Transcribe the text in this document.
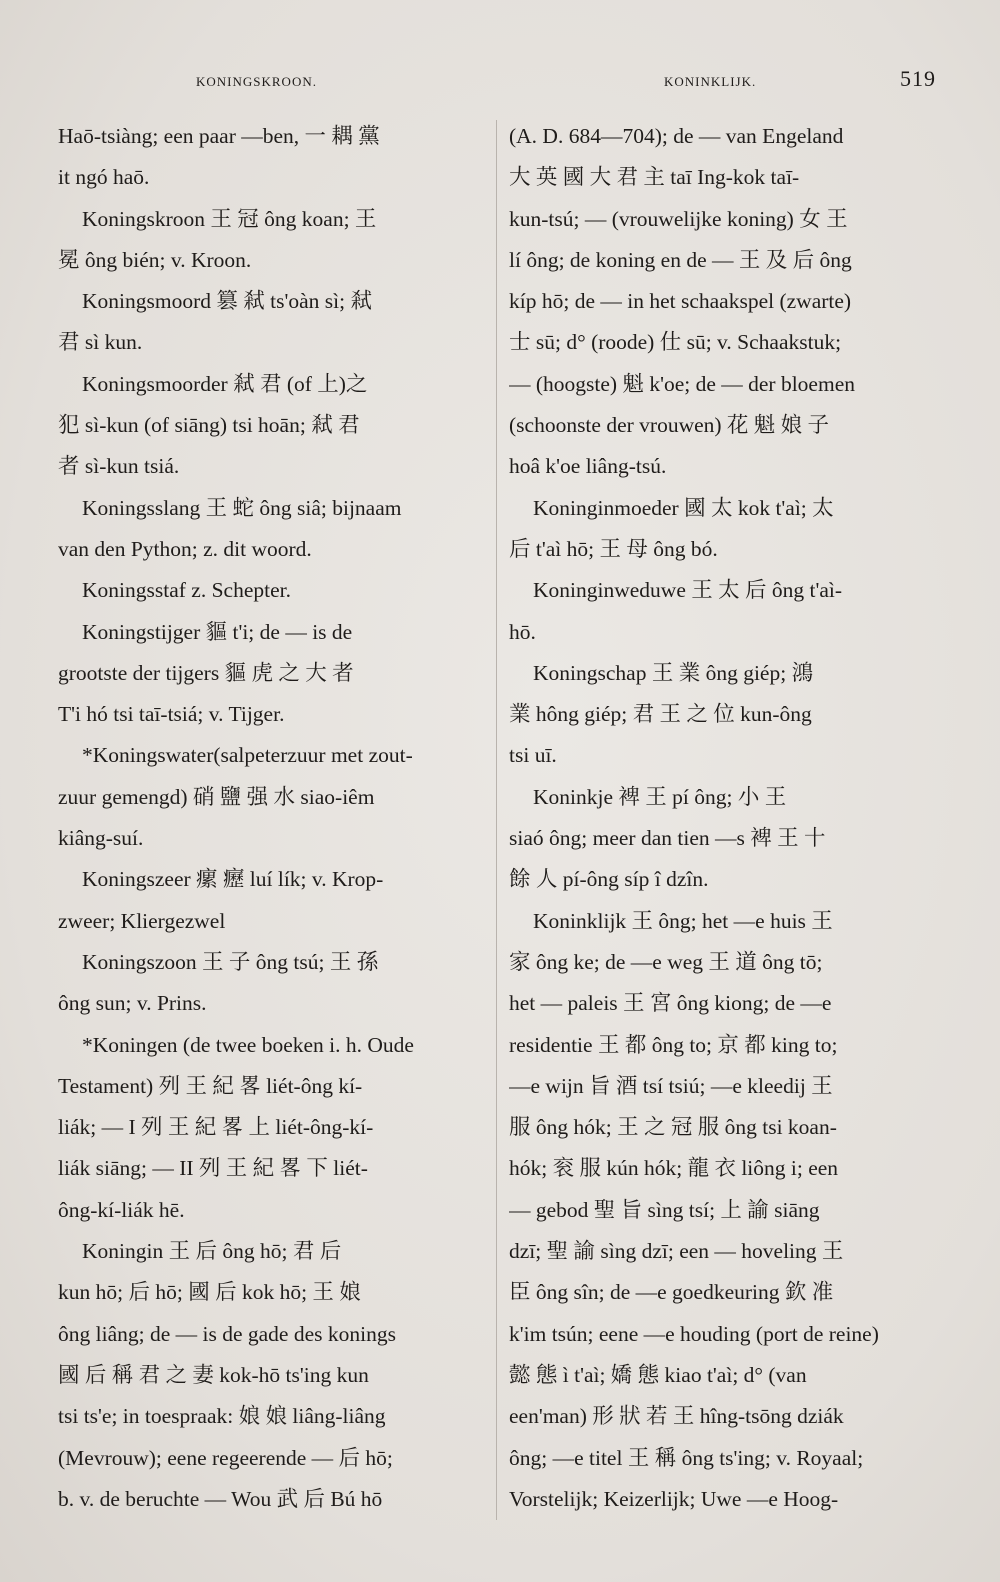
KONINGSKROON.	KONINKLIJK.	519
Haō-tsiàng; een paar —ben, 一 耦 黨
it ngó haō.
Koningskroon 王 冠 ông koan; 王
冕 ông bién; v. Kroon.
Koningsmoord 篡 弒 ts'oàn sì; 弒
君 sì kun.
Koningsmoorder 弒 君 (of 上)之
犯 sì-kun (of siāng) tsi hoān; 弒 君
者 sì-kun tsiá.
Koningsslang 王 蛇 ông siâ; bijnaam
van den Python; z. dit woord.
Koningsstaf z. Schepter.
Koningstijger 貙 t'i; de — is de
grootste der tijgers 貙 虎 之 大 者
T'i hó tsi taī-tsiá; v. Tijger.
*Koningswater(salpeterzuur met zout-
zuur gemengd) 硝 鹽 强 水 siao-iêm
kiâng-suí.
Koningszeer 瘰 癧 luí lík; v. Krop-
zweer; Kliergezwel
Koningszoon 王 子 ông tsú; 王 孫
ông sun; v. Prins.
*Koningen (de twee boeken i. h. Oude
Testament) 列 王 紀 畧 liét-ông kí-
liák; — I 列 王 紀 畧 上 liét-ông-kí-
liák siāng; — II 列 王 紀 畧 下 liét-
ông-kí-liák hē.
Koningin 王 后 ông hō; 君 后
kun hō; 后 hō; 國 后 kok hō; 王 娘
ông liâng; de — is de gade des konings
國 后 稱 君 之 妻 kok-hō ts'ing kun
tsi ts'e; in toespraak: 娘 娘 liâng-liâng
(Mevrouw); eene regeerende — 后 hō;
b. v. de beruchte — Wou 武 后 Bú hō
(A. D. 684—704); de — van Engeland
大 英 國 大 君 主 taī Ing-kok taī-
kun-tsú; — (vrouwelijke koning) 女 王
lí ông; de koning en de — 王 及 后 ông
kíp hō; de — in het schaakspel (zwarte)
士 sū; d° (roode) 仕 sū; v. Schaakstuk;
— (hoogste) 魁 k'oe; de — der bloemen
(schoonste der vrouwen) 花 魁 娘 子
hoâ k'oe liâng-tsú.
Koninginmoeder 國 太 kok t'aì; 太
后 t'aì hō; 王 母 ông bó.
Koninginweduwe 王 太 后 ông t'aì-
hō.
Koningschap 王 業 ông giép; 鴻
業 hông giép; 君 王 之 位 kun-ông
tsi uī.
Koninkje 裨 王 pí ông; 小 王
siaó ông; meer dan tien —s 裨 王 十
餘 人 pí-ông síp î dzîn.
Koninklijk 王 ông; het —e huis 王
家 ông ke; de —e weg 王 道 ông tō;
het — paleis 王 宮 ông kiong; de —e
residentie 王 都 ông to; 京 都 king to;
—e wijn 旨 酒 tsí tsiú; —e kleedij 王
服 ông hók; 王 之 冠 服 ông tsi koan-
hók; 衮 服 kún hók; 龍 衣 liông i; een
— gebod 聖 旨 sìng tsí; 上 諭 siāng
dzī; 聖 諭 sìng dzī; een — hoveling 王
臣 ông sîn; de —e goedkeuring 欽 准
k'im tsún; eene —e houding (port de reine)
懿 態 ì t'aì; 嬌 態 kiao t'aì; d° (van
een'man) 形 狀 若 王 hîng-tsōng dziák
ông; —e titel 王 稱 ông ts'ing; v. Royaal;
Vorstelijk; Keizerlijk; Uwe —e Hoog-
